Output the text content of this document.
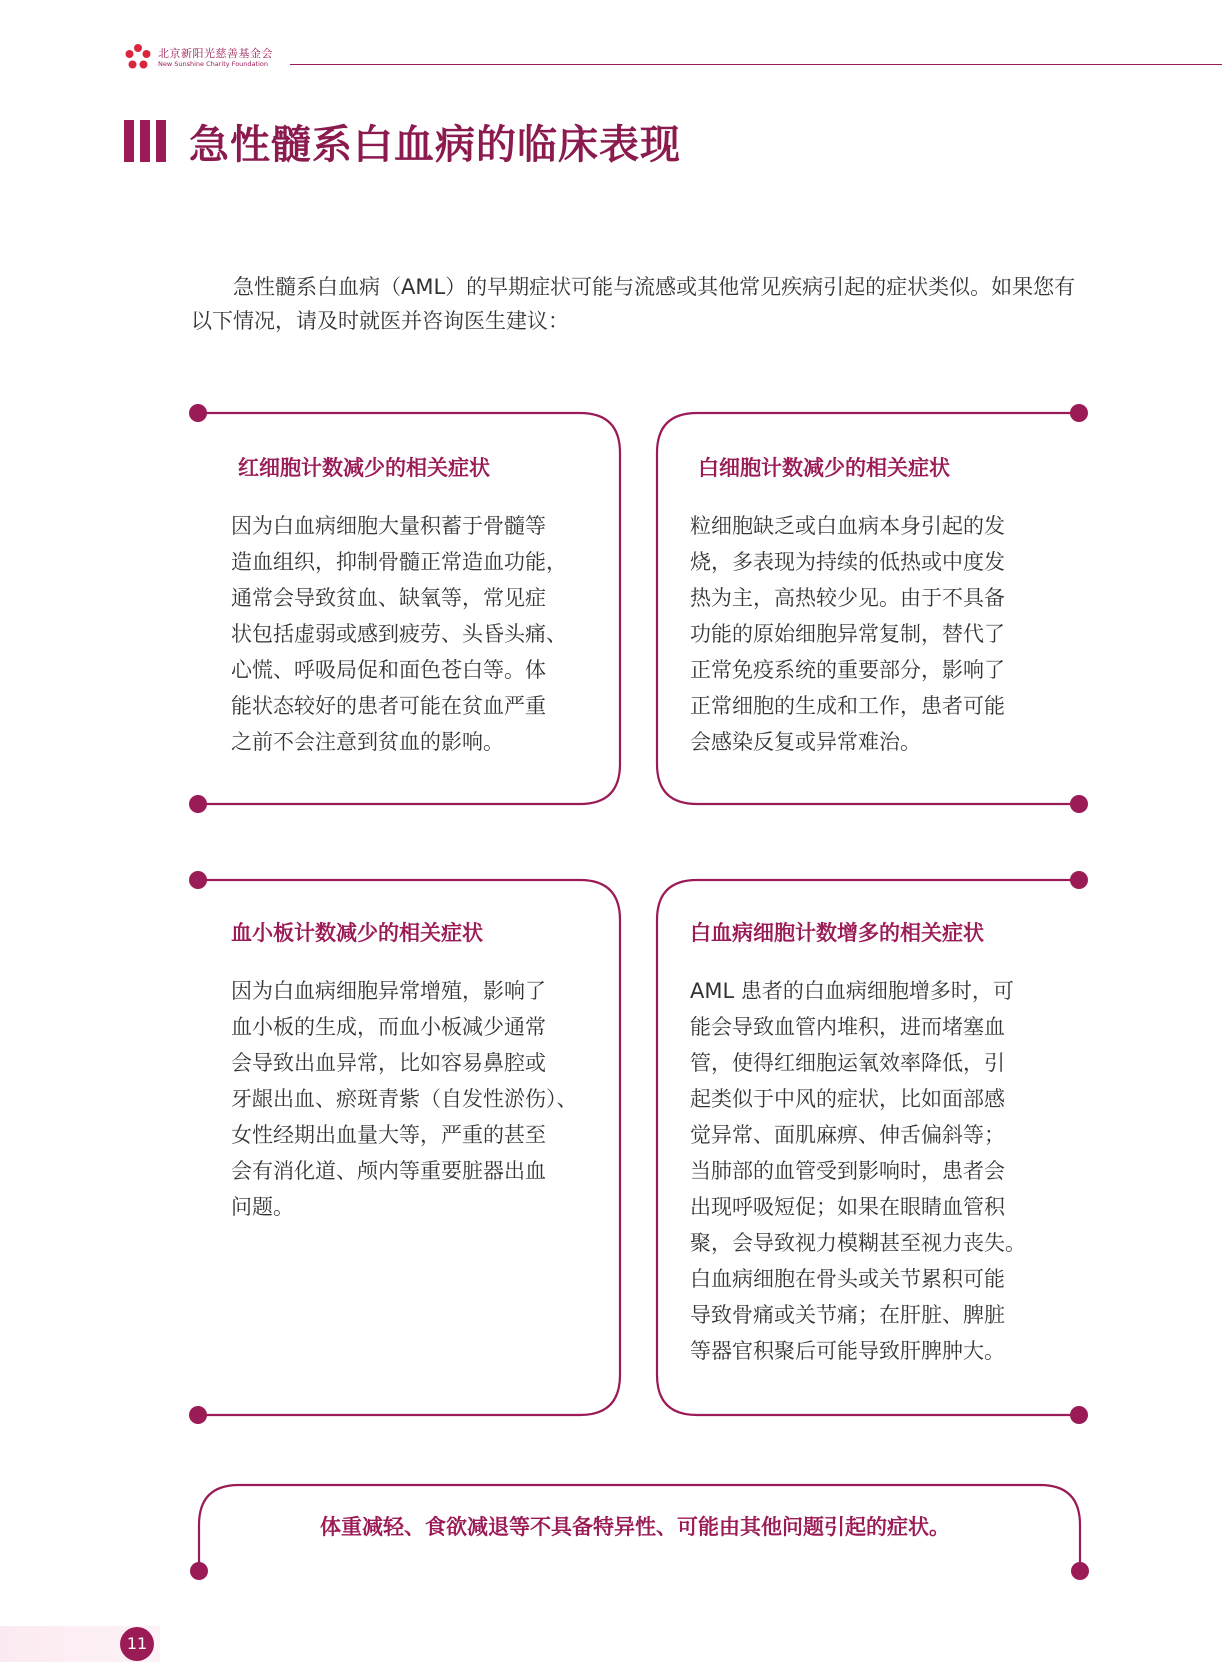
北京新阳光慈善基金会
New Sunshine Charity Foundation
急性髓系白血病的临床表现
急性髓系白血病（AML）的早期症状可能与流感或其他常见疾病引起的症状类似。如果您有以下情况，请及时就医并咨询医生建议：
红细胞计数减少的相关症状
因为白血病细胞大量积蓄于骨髓等
造血组织，抑制骨髓正常造血功能，
通常会导致贫血、缺氧等，常见症
状包括虚弱或感到疲劳、头昏头痛、
心慌、呼吸局促和面色苍白等。体
能状态较好的患者可能在贫血严重
之前不会注意到贫血的影响。
白细胞计数减少的相关症状
粒细胞缺乏或白血病本身引起的发
烧，多表现为持续的低热或中度发
热为主，高热较少见。由于不具备
功能的原始细胞异常复制，替代了
正常免疫系统的重要部分，影响了
正常细胞的生成和工作，患者可能
会感染反复或异常难治。
血小板计数减少的相关症状
因为白血病细胞异常增殖，影响了
血小板的生成，而血小板减少通常
会导致出血异常，比如容易鼻腔或
牙龈出血、瘀斑青紫（自发性淤伤）、
女性经期出血量大等，严重的甚至
会有消化道、颅内等重要脏器出血
问题。
白血病细胞计数增多的相关症状
AML 患者的白血病细胞增多时，可
能会导致血管内堆积，进而堵塞血
管，使得红细胞运氧效率降低，引
起类似于中风的症状，比如面部感
觉异常、面肌麻痹、伸舌偏斜等；
当肺部的血管受到影响时，患者会
出现呼吸短促；如果在眼睛血管积
聚，会导致视力模糊甚至视力丧失。
白血病细胞在骨头或关节累积可能
导致骨痛或关节痛；在肝脏、脾脏
等器官积聚后可能导致肝脾肿大。
体重减轻、食欲减退等不具备特异性、可能由其他问题引起的症状。
11
